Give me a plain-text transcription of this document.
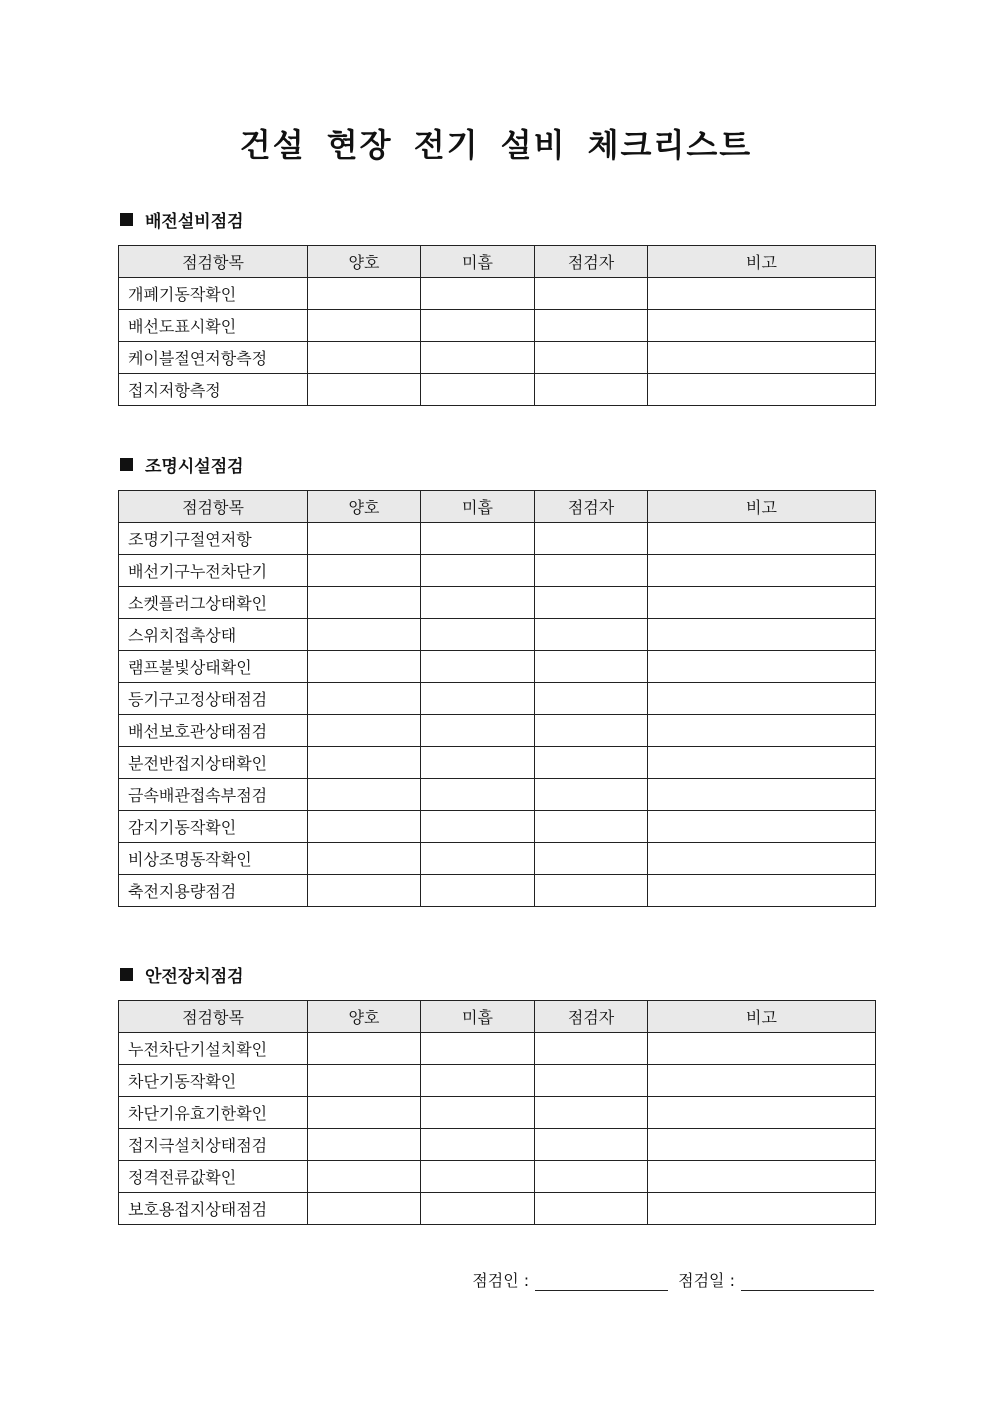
건설 현장 전기 설비 체크리스트
배전설비점검
점검항목	양호	미흡	점검자	비고
개폐기동작확인				
배선도표시확인				
케이블절연저항측정				
접지저항측정				
조명시설점검
점검항목	양호	미흡	점검자	비고
조명기구절연저항				
배선기구누전차단기				
소켓플러그상태확인				
스위치접촉상태				
램프불빛상태확인				
등기구고정상태점검				
배선보호관상태점검				
분전반접지상태확인				
금속배관접속부점검				
감지기동작확인				
비상조명동작확인				
축전지용량점검				
안전장치점검
점검항목	양호	미흡	점검자	비고
누전차단기설치확인				
차단기동작확인				
차단기유효기한확인				
접지극설치상태점검				
정격전류값확인				
보호용접지상태점검				
점검인 :	점검일 :
